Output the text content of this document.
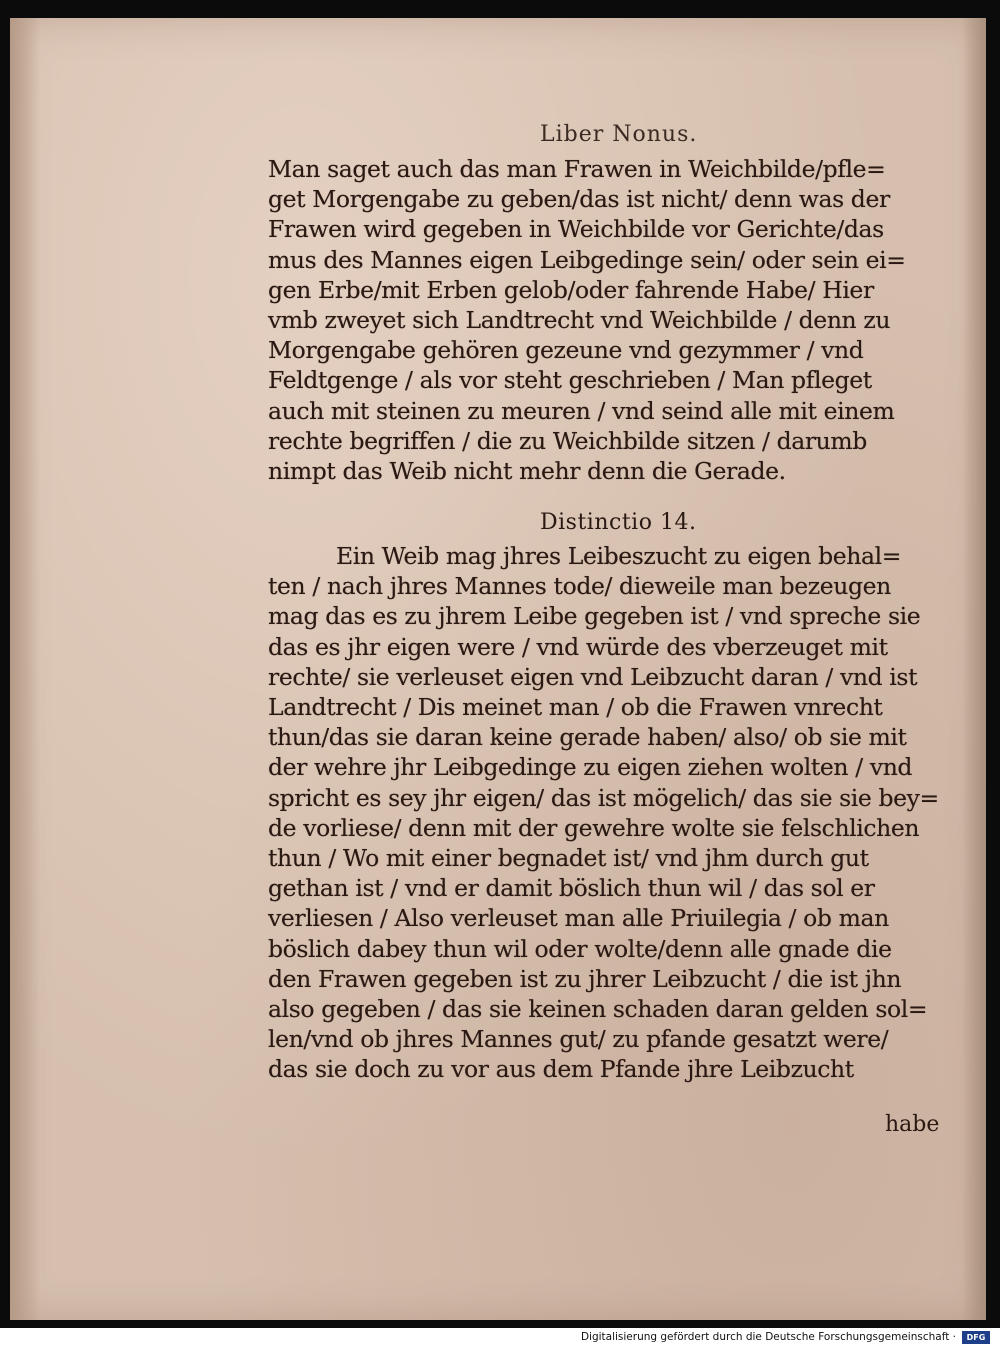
Liber Nonus.
Man saget auch das man Frawen in Weichbilde/pfle=
get Morgengabe zu geben/das ist nicht/ denn was der
Frawen wird gegeben in Weichbilde vor Gerichte/das
mus des Mannes eigen Leibgedinge sein/ oder sein ei=
gen Erbe/mit Erben gelob/oder fahrende Habe/ Hier
vmb zweyet sich Landtrecht vnd Weichbilde / denn zu
Morgengabe gehören gezeune vnd gezymmer / vnd
Feldtgenge / als vor steht geschrieben / Man pfleget
auch mit steinen zu meuren / vnd seind alle mit einem
rechte begriffen / die zu Weichbilde sitzen / darumb
nimpt das Weib nicht mehr denn die Gerade.
Distinctio 14.
Ein Weib mag jhres Leibeszucht zu eigen behal=
ten / nach jhres Mannes tode/ dieweile man bezeugen
mag das es zu jhrem Leibe gegeben ist / vnd spreche sie
das es jhr eigen were / vnd würde des vberzeuget mit
rechte/ sie verleuset eigen vnd Leibzucht daran / vnd ist
Landtrecht / Dis meinet man / ob die Frawen vnrecht
thun/das sie daran keine gerade haben/ also/ ob sie mit
der wehre jhr Leibgedinge zu eigen ziehen wolten / vnd
spricht es sey jhr eigen/ das ist mögelich/ das sie sie bey=
de vorliese/ denn mit der gewehre wolte sie felschlichen
thun / Wo mit einer begnadet ist/ vnd jhm durch gut
gethan ist / vnd er damit böslich thun wil / das sol er
verliesen / Also verleuset man alle Priuilegia / ob man
böslich dabey thun wil oder wolte/denn alle gnade die
den Frawen gegeben ist zu jhrer Leibzucht / die ist jhn
also gegeben / das sie keinen schaden daran gelden sol=
len/vnd ob jhres Mannes gut/ zu pfande gesatzt were/
das sie doch zu vor aus dem Pfande jhre Leibzucht
habe
Digitalisierung gefördert durch die Deutsche Forschungsgemeinschaft ·	DFG
